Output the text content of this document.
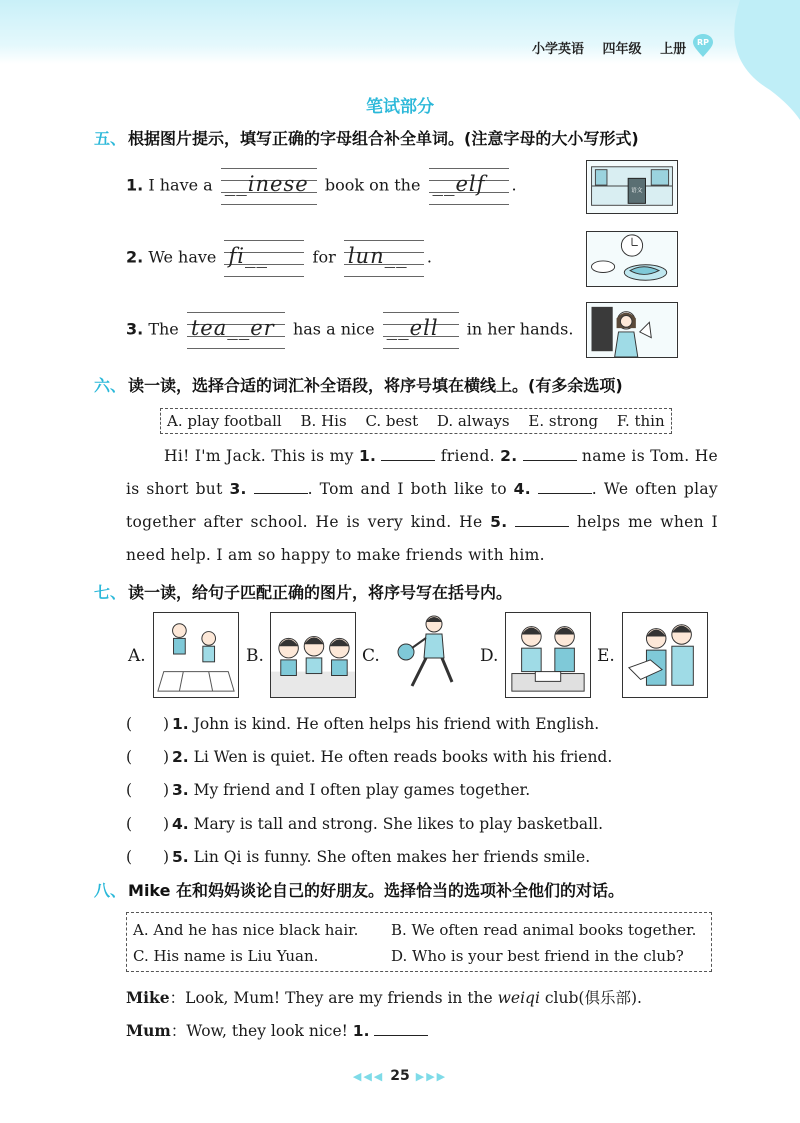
小学英语 四年级 上册	RP
笔试部分
五、 根据图片提示，填写正确的字母组合补全单词。(注意字母的大小写形式)
1. I have a __inese book on the __elf .
2. We have fi__	for lun__ .
3. The tea__er has a nice __ell in her hands.
语文
六、 读一读，选择合适的词汇补全语段，将序号填在横线上。(有多余选项)
A. play football B. His C. best D. always E. strong F. thin
Hi! I'm Jack. This is my 1.	friend. 2.	name is Tom. He is short but 3.	. Tom and I both like to 4.	. We often play together after school. He is very kind. He 5.	helps me when I need help. I am so happy to make friends with him.
七、 读一读，给句子匹配正确的图片，将序号写在括号内。
A.	B.	C.	D.	E.
(　　) 1. John is kind. He often helps his friend with English.
(　　) 2. Li Wen is quiet. He often reads books with his friend.
(　　) 3. My friend and I often play games together.
(　　) 4. Mary is tall and strong. She likes to play basketball.
(　　) 5. Lin Qi is funny. She often makes her friends smile.
八、 Mike 在和妈妈谈论自己的好朋友。选择恰当的选项补全他们的对话。
A. And he has nice black hair. B. We often read animal books together.
C. His name is Liu Yuan.	D. Who is your best friend in the club?
Mike：Look, Mum! They are my friends in the weiqi club(俱乐部).
Mum：Wow, they look nice! 1.
◀◀◀ 25 ▶▶▶
